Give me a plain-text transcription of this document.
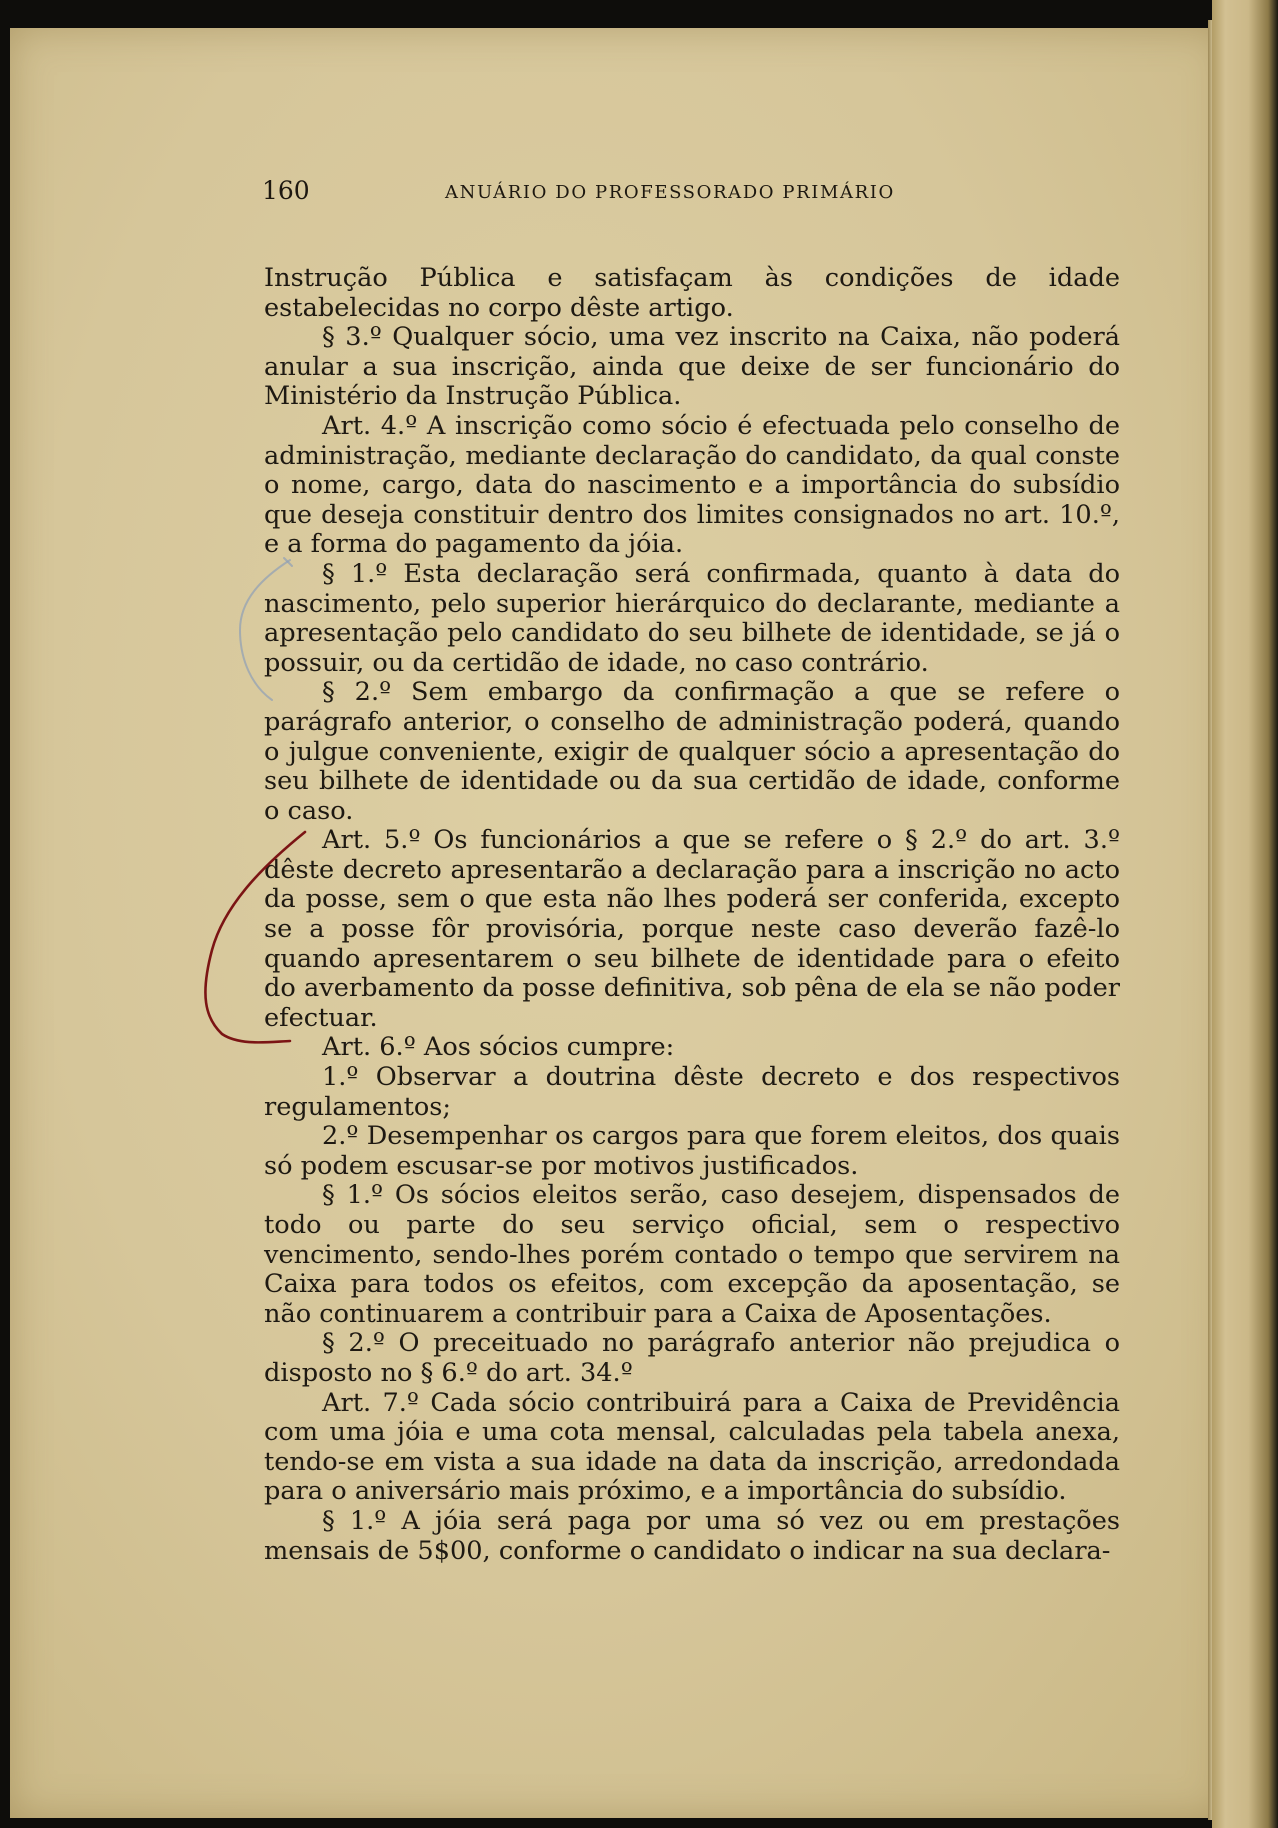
160	ANUÁRIO DO PROFESSORADO PRIMÁRIO

Instrução Pública e satisfaçam às condições de idade estabelecidas no corpo dêste artigo.

§ 3.º Qualquer sócio, uma vez inscrito na Caixa, não poderá anular a sua inscrição, ainda que deixe de ser funcionário do Ministério da Instrução Pública.

Art. 4.º A inscrição como sócio é efectuada pelo conselho de administração, mediante declaração do candidato, da qual conste o nome, cargo, data do nascimento e a importância do subsídio que deseja constituir dentro dos limites consignados no art. 10.º, e a forma do pagamento da jóia.

§ 1.º Esta declaração será confirmada, quanto à data do nascimento, pelo superior hierárquico do declarante, mediante a apresentação pelo candidato do seu bilhete de identidade, se já o possuir, ou da certidão de idade, no caso contrário.

§ 2.º Sem embargo da confirmação a que se refere o parágrafo anterior, o conselho de administração poderá, quando o julgue conveniente, exigir de qualquer sócio a apresentação do seu bilhete de identidade ou da sua certidão de idade, conforme o caso.

Art. 5.º Os funcionários a que se refere o § 2.º do art. 3.º dêste decreto apresentarão a declaração para a inscrição no acto da posse, sem o que esta não lhes poderá ser conferida, excepto se a posse fôr provisória, porque neste caso deverão fazê-lo quando apresentarem o seu bilhete de identidade para o efeito do averbamento da posse definitiva, sob pêna de ela se não poder efectuar.

Art. 6.º Aos sócios cumpre:

1.º Observar a doutrina dêste decreto e dos respectivos regulamentos;

2.º Desempenhar os cargos para que forem eleitos, dos quais só podem escusar-se por motivos justificados.

§ 1.º Os sócios eleitos serão, caso desejem, dispensados de todo ou parte do seu serviço oficial, sem o respectivo vencimento, sendo-lhes porém contado o tempo que servirem na Caixa para todos os efeitos, com excepção da aposentação, se não continuarem a contribuir para a Caixa de Aposentações.

§ 2.º O preceituado no parágrafo anterior não prejudica o disposto no § 6.º do art. 34.º

Art. 7.º Cada sócio contribuirá para a Caixa de Previdência com uma jóia e uma cota mensal, calculadas pela tabela anexa, tendo-se em vista a sua idade na data da inscrição, arredondada para o aniversário mais próximo, e a importância do subsídio.

§ 1.º A jóia será paga por uma só vez ou em prestações mensais de 5$00, conforme o candidato o indicar na sua declara-
